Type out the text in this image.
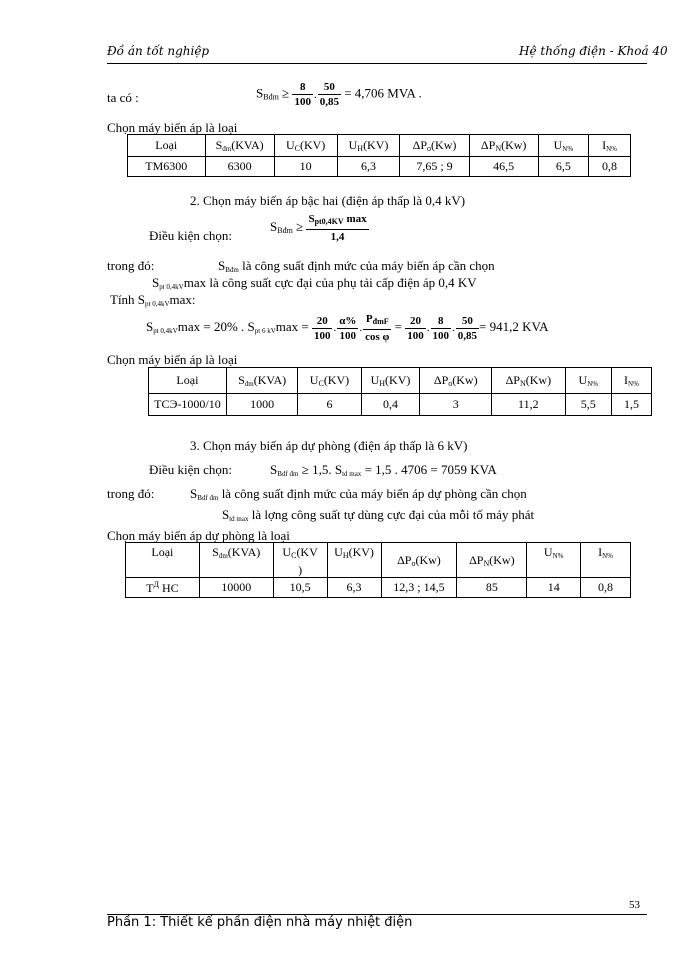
Đồ án tốt nghiệp	Hệ thống điện - Khoá 40
ta có :	$S_{Bđm} \ge \frac{8}{100}$ . $\frac{50}{0,85} = 4,706$ MVA .
Chọn máy biến áp là loại
Loại	Sđm(KVA)	$U_C(KV)$	$U_H(KV)$	$\Delta P_o(Kw)$	$\Delta P_N(Kw)$	UN%	IN%
TM6300	6300	10	6,3	7,65 ; 9	46,5	6,5	0,8
2. Chọn máy biến áp bậc hai (điện áp thấp là 0,4 kV)
Điều kiện chọn:
$S_{Bđm} \ge \frac{S_{pt0,4KV} \max}{1,4}$
trong đó:	SBđm là công suất định mức của máy biến áp cần chọn
Spt 0,4kVmax là công suất cực đại của phụ tải cấp điện áp 0,4 KV
Tính Spt 0,4kVmax:
Spt 0,4kVmax = 20% . Spt 6 $kVmax = \frac{20}{100}$ . $\frac{\alpha\%}{100}$ . $\frac{P_{đmF}}{\text{cos φ}} = \frac{20}{100}$ . $\frac{8}{100}$ . $\frac{50}{0,85} = 941,2$ KVA
Chọn máy biến áp là loại
Loại	Sđm(KVA)	$U_C(KV)$	$U_H(KV)$	$\Delta P_o(Kw)$	$\Delta P_N(Kw)$	UN%	IN%
TCЭ-1000/10	1000	6	0,4	3	11,2	5,5	1,5
3. Chọn máy biến áp dự phòng (điện áp thấp là 6 kV)
Điều kiện chọn:	SBdf đm ≥ 1,5. Std max = 1,5 . 4706 = 7059 KVA
trong đó:	SBdf đm là công suất định mức của máy biến áp dự phòng cần chọn
Std max là lợng công suất tự dùng cực đại của mỗi tổ máy phát
Chọn máy biến áp dự phòng là loại
Loại	Sđm(KVA)	$U_C(KV$
)	$U_H(KV)$	$\Delta P_o(Kw)$	$\Delta P_N(Kw)$	UN%	IN%
$T^Д$ HC	10000	10,5	6,3	12,3 ; 14,5	85	14	0,8
53
Phần 1: Thiết kế phần điện nhà máy nhiệt điện
